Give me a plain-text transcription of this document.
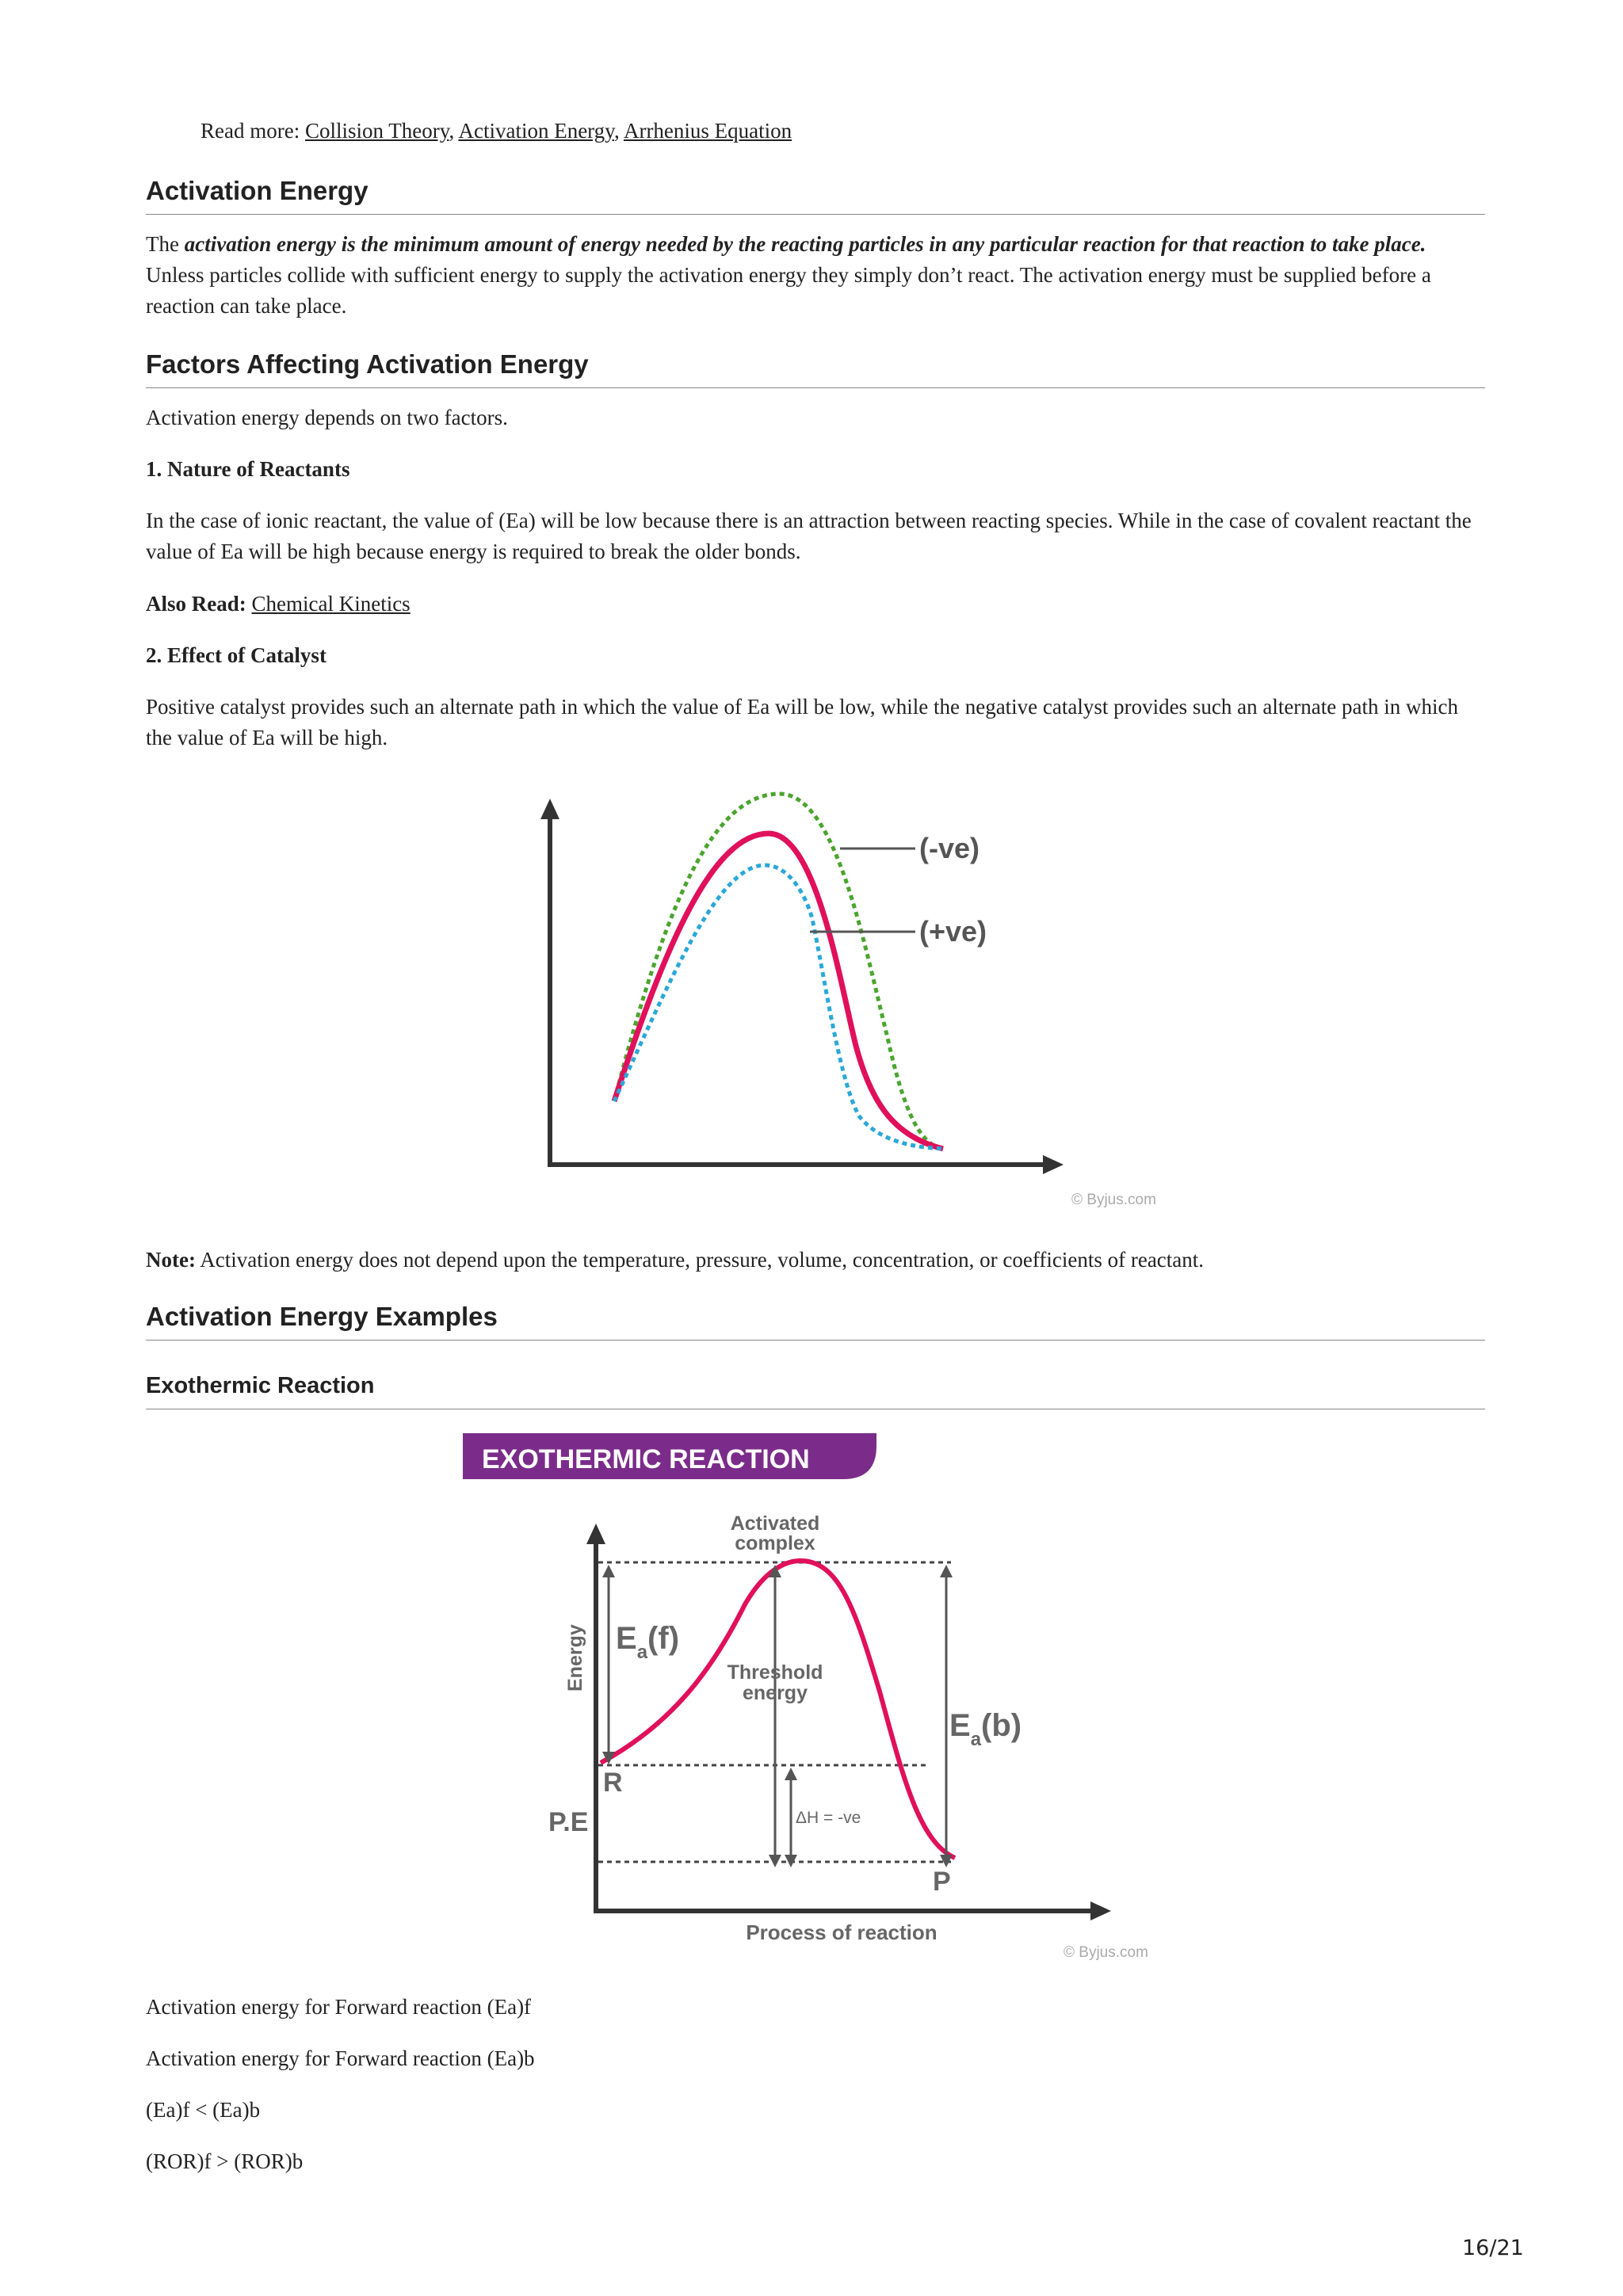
Read more: Collision Theory, Activation Energy, Arrhenius Equation

Activation Energy

The activation energy is the minimum amount of energy needed by the reacting particles in any particular reaction for that reaction to take place. Unless particles collide with sufficient energy to supply the activation energy they simply don’t react. The activation energy must be supplied before a reaction can take place.

Factors Affecting Activation Energy

Activation energy depends on two factors.

1. Nature of Reactants

In the case of ionic reactant, the value of (Ea) will be low because there is an attraction between reacting species. While in the case of covalent reactant the value of Ea will be high because energy is required to break the older bonds.

Also Read: Chemical Kinetics

2. Effect of Catalyst

Positive catalyst provides such an alternate path in which the value of Ea will be low, while the negative catalyst provides such an alternate path in which the value of Ea will be high.

(-ve)
(+ve)
© Byjus.com

Note: Activation energy does not depend upon the temperature, pressure, volume, concentration, or coefficients of reactant.

Activation Energy Examples
Exothermic Reaction
EXOTHERMIC REACTION
Activated
complex
Energy $E_a(f)$
Threshold
energy
$E_a(b)$
R
P.E	ΔH = -ve
P
Process of reaction
© Byjus.com

Activation energy for Forward reaction (Ea)f

Activation energy for Forward reaction (Ea)b

(Ea)f < (Ea)b

(ROR)f > (ROR)b

16/21
